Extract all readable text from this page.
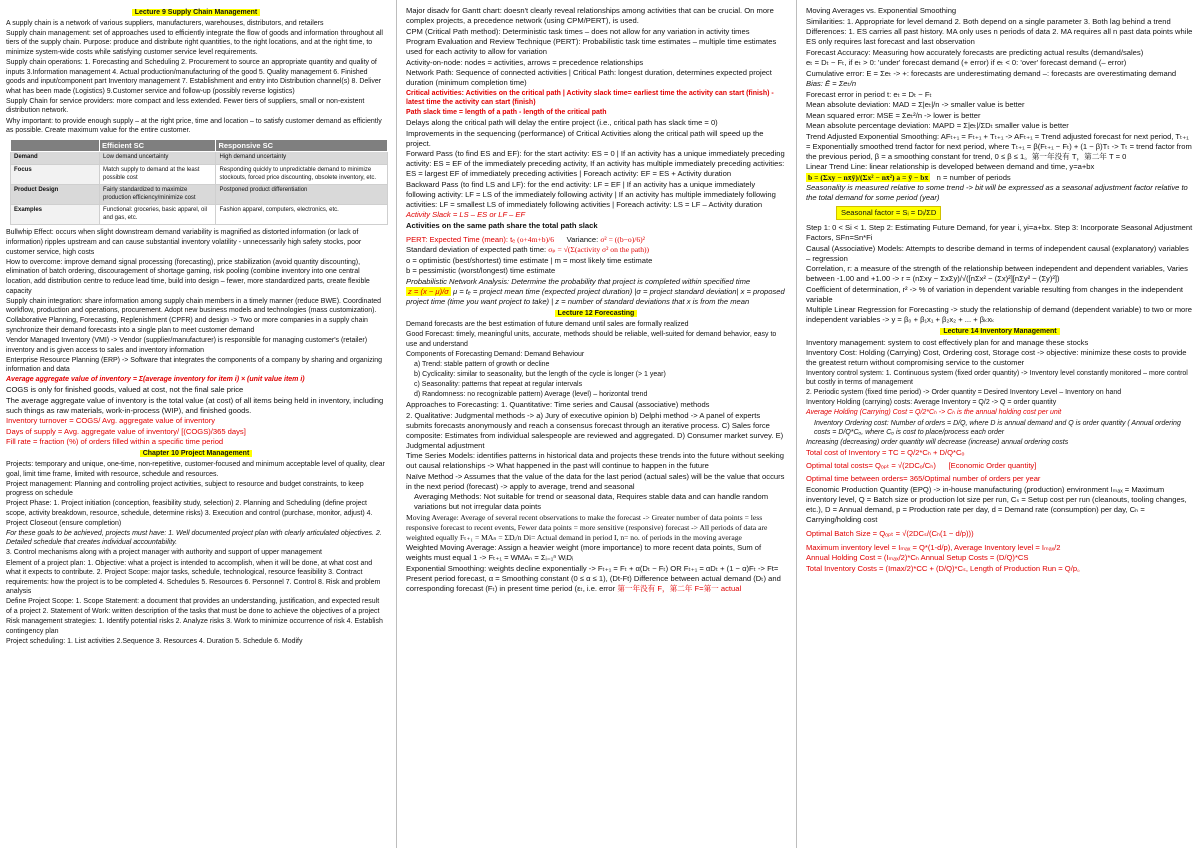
Lecture 9 Supply Chain Management
A supply chain is a network of various suppliers, manufacturers, warehouses, distributors, and retailers
Supply chain management: set of approaches used to efficiently integrate the flow of goods and information throughout all tiers of the supply chain. Purpose: produce and distribute right quantities, to the right locations, and at the right time, to minimize system-wide costs while satisfying customer service level requirements.
Supply chain operations: 1. Forecasting and Scheduling 2. Procurement to source an appropriate quantity and quality of inputs 3.Information management 4. Actual production/manufacturing of the good 5. Quality management 6. Finished goods and input/component part Inventory management 7. Establishment and entry into Distribution channel(s) 8. Deliver what has been made (Logistics) 9.Customer service and follow-up (possibly reverse logistics)
Supply Chain for service providers: more compact and less extended. Fewer tiers of suppliers, small or non-existent distribution network.
Why important: to provide enough supply – at the right price, time and location – to satisfy customer demand as efficiently as possible. Create maximum value for the entire customer.
	Efficient SC	Responsive SC
Demand	Low demand uncertainty	High demand uncertainty
Focus	Match supply to demand at the least possible cost	Responding quickly to unpredictable demand to minimize stockouts, forced price discounting, obsolete inventory, etc.
Product Design	Fairly standardized to maximize production efficiency/minimize cost	Postponed product differentiation
Examples	Functional: groceries, basic apparel, oil and gas, etc.	Fashion apparel, computers, electronics, etc.
Bullwhip Effect: occurs when slight downstream demand variability is magnified as distorted information (or lack of information) ripples upstream and can cause substantial inventory volatility - unnecessarily high safety stocks, poor customer service, high costs
How to overcome: improve demand signal processing (forecasting), price stabilization (avoid quantity discounting), elimination of batch ordering, discouragement of shortage gaming, risk pooling (combine inventory into one central location, add distribution centre to reduce lead time, build into design – fewer, more standardized parts, create flexible capacity
Supply chain integration: share information among supply chain members in a timely manner (reduce BWE). Coordinated workflow, production and operations, procurement. Adopt new business models and technologies (mass customization).
Collaborative Planning, Forecasting, Replenishment (CPFR) and design -> Two or more companies in a supply chain synchronize their demand forecasts into a single plan to meet customer demand
Vendor Managed Inventory (VMI) -> Vendor (supplier/manufacturer) is responsible for managing customer's (retailer) inventory and is given access to sales and inventory information
Enterprise Resource Planning (ERP) -> Software that integrates the components of a company by sharing and organizing information and data
Average aggregate value of inventory = Σ(average inventory for item i) × (unit value item i)
COGS is only for finished goods, valued at cost, not the final sale price
The average aggregate value of inventory is the total value (at cost) of all items being held in inventory, including such things as raw materials, work-in-process (WIP), and finished goods.
Inventory turnover = COGS/ Avg. aggregate value of inventory
Days of supply = Avg. aggregate value of inventory/ [(COGS)/365 days]
Fill rate = fraction (%) of orders filled within a specific time period
Chapter 10 Project Management
Projects: temporary and unique, one-time, non-repetitive, customer-focused and minimum acceptable level of quality, clear goal, limit time frame, limited with resource, schedule and resources.
Project management: Planning and controlling project activities, subject to resource and budget constraints, to keep progress on schedule
Project Phase: 1. Project initiation (conception, feasibility study, selection) 2. Planning and Scheduling (define project scope, activity breakdown, resource, schedule, determine risks) 3. Execution and control (purchase, monitor, adjust) 4. Project Closeout (ensure completion)
For these goals to be achieved, projects must have: 1. Well documented project plan with clearly articulated objectives. 2. Detailed schedule that creates individual accountability.
3. Control mechanisms along with a project manager with authority and support of upper management
Element of a project plan: 1. Objective: what a project is intended to accomplish, when it will be done, at what cost and what it expects to contribute. 2. Project Scope: major tasks, schedule, technological, resource feasibility 3. Contract requirements: how the project is to be completed 4. Schedules 5. Resources 6. Personnel 7. Control 8. Risk and problem analysis
Define Project Scope: 1. Scope Statement: a document that provides an understanding, justification, and expected result of a project 2. Statement of Work: written description of the tasks that must be done to achieve the objectives of a project
Risk management strategies: 1. Identify potential risks 2. Analyze risks 3. Work to minimize occurrence of risk 4. Establish contingency plan
Project scheduling: 1. List activities 2.Sequence 3. Resources 4. Duration 5. Schedule 6. Modify
Major disadv for Gantt chart: doesn't clearly reveal relationships among activities that can be crucial. On more complex projects, a precedence network (using CPM/PERT), is used.
CPM (Critical Path method): Deterministic task times – does not allow for any variation in activity times
Program Evaluation and Review Technique (PERT): Probabilistic task time estimates – multiple time estimates used for each activity to allow for variation
Activity-on-node: nodes = activities, arrows = precedence relationships
Network Path: Sequence of connected activities | Critical Path: longest duration, determines expected project duration (minimum completion time)
Critical activities: Activities on the critical path | Activity slack time= earliest time the activity can start (finish) - latest time the activity can start (finish)
Path slack time = length of a path - length of the critical path
Delays along the critical path will delay the entire project (i.e., critical path has slack time = 0)
Improvements in the sequencing (performance) of Critical Activities along the critical path will speed up the project.
Forward Pass (to find ES and EF): for the start activity: ES = 0 | If an activity has a unique immediately preceding activity: ES = EF of the immediately preceding activity, If an activity has multiple immediately preceding activities: ES = largest EF of immediately preceding activities | Foreach activity: EF = ES + Activity duration
Backward Pass (to find LS and LF): for the end activity: LF = EF | If an activity has a unique immediately following activity: LF = LS of the immediately following activity | If an activity has multiple immediately following activities: LF = smallest LS of immediately following activities | Foreach activity: LS = LF – Activity duration
Activity Slack = LS – ES or LF – EF
Activities on the same path share the total path slack
PERT: Expected Time (mean): tₑ (o+4m+b)/6 Variance: σ² = ((b−o)/6)²
Standard deviation of expected path time: σₚ = √(Σ(activity σ² on the path))
o = optimistic (best/shortest) time estimate | m = most likely time estimate
b = pessimistic (worst/longest) time estimate
Probabilistic Network Analysis: Determine the probability that project is completed within specified time
z = (x − μ)/σ μ = tₑ = project mean time (expected project duration) |σ = project standard deviation| x = proposed project time (time you want project to take) | z = number of standard deviations that x is from the mean
Lecture 12 Forecasting
Demand forecasts are the best estimation of future demand until sales are formally realized
Good Forecast: timely, meaningful units, accurate, methods should be reliable, well-suited for demand behavior, easy to use and understand
Components of Forecasting Demand: Demand Behaviour
a) Trend: stable pattern of growth or decline
b) Cyclicality: similar to seasonality, but the length of the cycle is longer (> 1 year)
c) Seasonality: patterns that repeat at regular intervals
d) Randomness: no recognizable pattern) Average (level) – horizontal trend
Approaches to Forecasting: 1. Quantitative: Time series and Causal (associative) methods
2. Qualitative: Judgmental methods -> a) Jury of executive opinion b) Delphi method -> A panel of experts submits forecasts anonymously and reach a consensus forecast through an iterative process. C) Sales force composite: Estimates from individual salespeople are reviewed and aggregated. D) Consumer market survey. E) Judgmental adjustment
Time Series Models: identifies patterns in historical data and projects these trends into the future without seeking out causal relationships -> What happened in the past will continue to happen in the future
Naïve Method -> Assumes that the value of the data for the last period (actual sales) will be the value that occurs in the next period (forecast) -> apply to average, trend and seasonal
Averaging Methods: Not suitable for trend or seasonal data, Requires stable data and can handle random variations but not irregular data points
Moving Average: Average of several recent observations to make the forecast -> Greater number of data points = less responsive forecast to recent events, Fewer data points = more sensitive (responsive) forecast -> All periods of data are weighted equally Fₜ₊₁ = MAₙ = ΣDᵢ/n Di= Actual demand in period I, n= no. of periods in the moving average
Weighted Moving Average: Assign a heavier weight (more importance) to more recent data points, Sum of weights must equal 1 -> Fₜ₊₁ = WMAₙ = Σᵢ₌₁ⁿ WᵢDᵢ
Exponential Smoothing: weights decline exponentially -> Fₜ₊₁ = Fₜ + α(Dₜ − Fₜ) OR Fₜ₊₁ = αDₜ + (1 − α)Fₜ -> Ft= Present period forecast, α = Smoothing constant (0 ≤ α ≤ 1), (Dt-Ft) Difference between actual demand (Dₜ) and corresponding forecast (Fₜ) in present time period (εₜ, i.e. error 第一年没有 F，第二年 F=第一 actual
Moving Averages vs. Exponential Smoothing
Similarities: 1. Appropriate for level demand 2. Both depend on a single parameter 3. Both lag behind a trend
Differences: 1. ES carries all past history. MA only uses n periods of data 2. MA requires all n past data points while ES only requires last forecast and last observation
Forecast Accuracy: Measuring how accurately forecasts are predicting actual results (demand/sales)
eₜ = Dₜ − Fₜ, if eₜ > 0: 'under' forecast demand (+ error) if eₜ < 0: 'over' forecast demand (– error)
Cumulative error: E = Σeₜ -> +: forecasts are underestimating demand –: forecasts are overestimating demand
Bias: Ē = Σeₜ/n
Forecast error in period t: eₜ = Dₜ − Fₜ
Mean absolute deviation: MAD = Σ|eₜ|/n -> smaller value is better
Mean squared error: MSE = Σeₜ²/n -> lower is better
Mean absolute percentage deviation: MAPD = Σ|eₜ|/ΣDₜ smaller value is better
Trend Adjusted Exponential Smoothing: AFₜ₊₁ = Fₜ₊₁ + Tₜ₊₁ -> AFₜ₊₁ = Trend adjusted forecast for next period, Tₜ₊₁ = Exponentially smoothed trend factor for next period, where Tₜ₊₁ = β(Fₜ₊₁ − Fₜ) + (1 − β)Tₜ -> Tₜ = trend factor from the previous period, β = a smoothing constant for trend, 0 ≤ β ≤ 1。第一年没有 T，第二年 T = 0
Linear Trend Line: linear relationship is developed between demand and time, y=a+bx
b = (Σxy − nx̄ȳ)/(Σx² − nx̄²) a = ȳ − bx̄ n = number of periods
Seasonality is measured relative to some trend -> bit will be expressed as a seasonal adjustment factor relative to the total demand for some period (year)
Seasonal factor = Sᵢ = Dᵢ/ΣD
Step 1: 0 < Si < 1. Step 2: Estimating Future Demand, for year i, yi=a+bx. Step 3: Incorporate Seasonal Adjustment Factors, SFn=Sn*Fi
Causal (Associative) Models: Attempts to describe demand in terms of independent causal (explanatory) variables – regression
Correlation, r: a measure of the strength of the relationship between independent and dependent variables, Varies between -1.00 and +1.00 -> r = (nΣxy − ΣxΣy)/√([nΣx² − (Σx)²][nΣy² − (Σy)²])
Coefficient of determination, r² -> % of variation in dependent variable resulting from changes in the independent variable
Multiple Linear Regression for Forecasting -> study the relationship of demand (dependent variable) to two or more independent variables -> y = β₀ + β₁x₁ + β₂x₂ + ... + βₖxₖ
Lecture 14 Inventory Management
Inventory management: system to cost effectively plan for and manage these stocks
Inventory Cost: Holding (Carrying) Cost, Ordering cost, Storage cost -> objective: minimize these costs to provide the greatest return without compromising service to the customer
Inventory control system: 1. Continuous system (fixed order quantity) -> Inventory level constantly monitored – more control but costly in terms of management
2. Periodic system (fixed time period) -> Order quantity = Desired Inventory Level – Inventory on hand
Inventory Holding (carrying) costs: Average Inventory = Q/2 -> Q = order quantity
Average Holding (Carrying) Cost = Q/2*Cₕ -> Cₕ is the annual holding cost per unit
Inventory Ordering cost: Number of orders = D/Q, where D is annual demand and Q is order quantity ( Annual ordering costs = D/Q*Cₒ, where Cₒ is cost to place/process each order
Increasing (decreasing) order quantity will decrease (increase) annual ordering costs
Total cost of Inventory = TC = Q/2*Cₕ + D/Q*Cₒ
Optimal total costs= Qₒₚₜ = √(2DCₒ/Cₕ) [Economic Order quantity]
Optimal time between orders= 365/Optimal number of orders per year
Economic Production Quantity (EPQ) -> in-house manufacturing (production) environment Iₘₐₓ = Maximum inventory level, Q = Batch size or production lot size per run, Cₛ = Setup cost per run (cleanouts, tooling changes, etc.), D = Annual demand, p = Production rate per day, d = Demand rate (consumption) per day, Cₕ = Carrying/holding cost
Optimal Batch Size = Qₒₚₜ = √(2DCₛ/(Cₕ(1 − d/p)))
Maximum inventory level = Iₘₐₓ = Q*(1-d/p), Average Inventory level = Iₘₐₓ/2
Annual Holding Cost = (Iₘₐₓ/2)*Cₕ Annual Setup Costs = (D/Q)*CS
Total Inventory Costs = (Imax/2)*CC + (D/Q)*Cₛ, Length of Production Run = Q/p。
